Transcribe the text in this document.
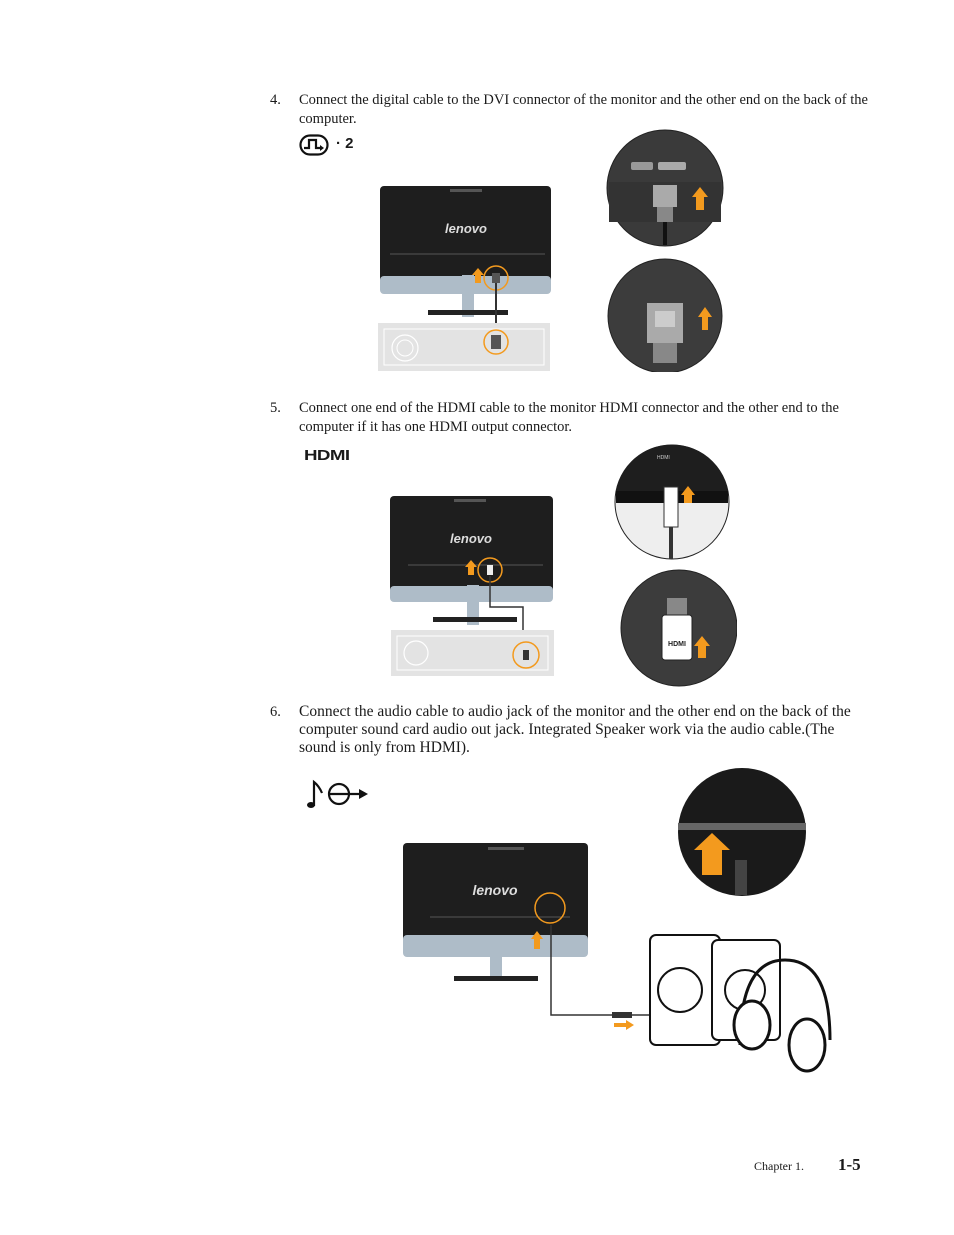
4. Connect the digital cable to the DVI connector of the monitor and the other end on the back of the computer.
· 2
lenovo
5. Connect one end of the HDMI cable to the monitor HDMI connector and the other end to the computer if it has one HDMI output connector.
HDMI
lenovo
HDMI
HDMI
6. Connect the audio cable to audio jack of the monitor and the other end on the back of the computer sound card audio out jack. Integrated Speaker work via the audio cable.(The sound is only from HDMI).
lenovo
Chapter 1. 1-5
